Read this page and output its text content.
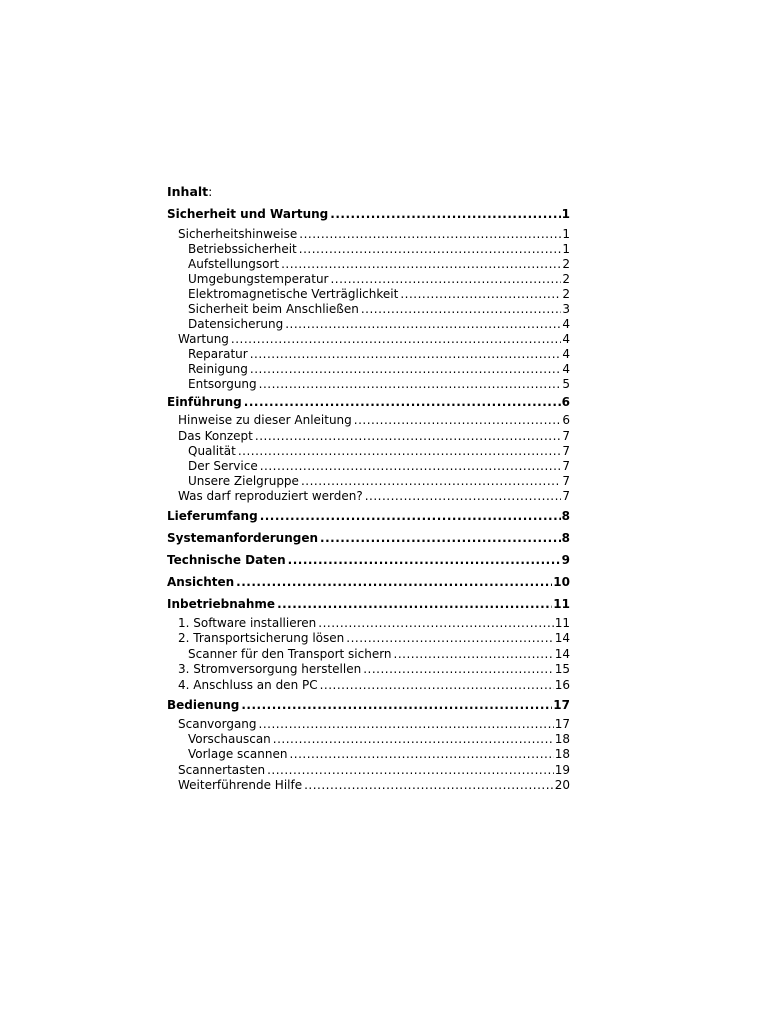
Inhalt:
Sicherheit und Wartung .....	1
Sicherheitshinweise .....	1
Betriebssicherheit .....	1
Aufstellungsort .....	2
Umgebungstemperatur .....	2
Elektromagnetische Verträglichkeit .....	2
Sicherheit beim Anschließen .....	3
Datensicherung .....	4
Wartung .....	4
Reparatur .....	4
Reinigung .....	4
Entsorgung .....	5
Einführung .....	6
Hinweise zu dieser Anleitung .....	6
Das Konzept .....	7
Qualität .....	7
Der Service .....	7
Unsere Zielgruppe .....	7
Was darf reproduziert werden? .....	7
Lieferumfang .....	8
Systemanforderungen .....	8
Technische Daten .....	9
Ansichten .....	10
Inbetriebnahme .....	11
1. Software installieren .....	11
2. Transportsicherung lösen .....	14
Scanner für den Transport sichern .....	14
3. Stromversorgung herstellen .....	15
4. Anschluss an den PC .....	16
Bedienung .....	17
Scanvorgang .....	17
Vorschauscan .....	18
Vorlage scannen .....	18
Scannertasten .....	19
Weiterführende Hilfe .....	20
